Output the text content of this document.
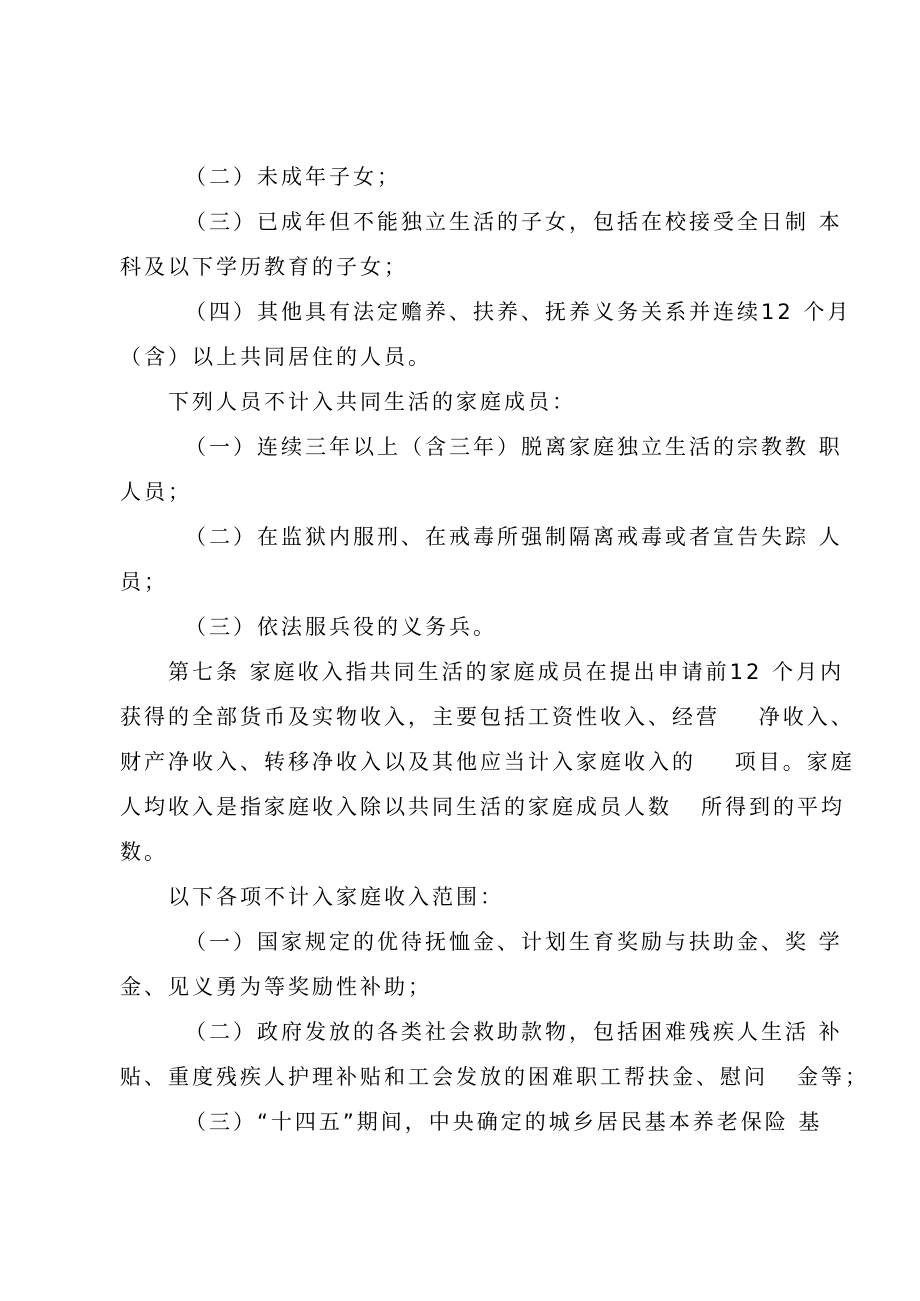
（二）未成年子女；
（三）已成年但不能独立生活的子女，包括在校接受全日制 本
科及以下学历教育的子女；
（四）其他具有法定赡养、扶养、抚养义务关系并连续12 个月
（含）以上共同居住的人员。
下列人员不计入共同生活的家庭成员：
（一）连续三年以上（含三年）脱离家庭独立生活的宗教教 职
人员；
（二）在监狱内服刑、在戒毒所强制隔离戒毒或者宣告失踪 人
员；
（三）依法服兵役的义务兵。
第七条 家庭收入指共同生活的家庭成员在提出申请前12 个月内
获得的全部货币及实物收入，主要包括工资性收入、经营    净收入、
财产净收入、转移净收入以及其他应当计入家庭收入的    项目。家庭
人均收入是指家庭收入除以共同生活的家庭成员人数   所得到的平均
数。
以下各项不计入家庭收入范围：
（一）国家规定的优待抚恤金、计划生育奖励与扶助金、奖 学
金、见义勇为等奖励性补助；
（二）政府发放的各类社会救助款物，包括困难残疾人生活 补
贴、重度残疾人护理补贴和工会发放的困难职工帮扶金、慰问   金等；
（三）“十四五”期间，中央确定的城乡居民基本养老保险 基
